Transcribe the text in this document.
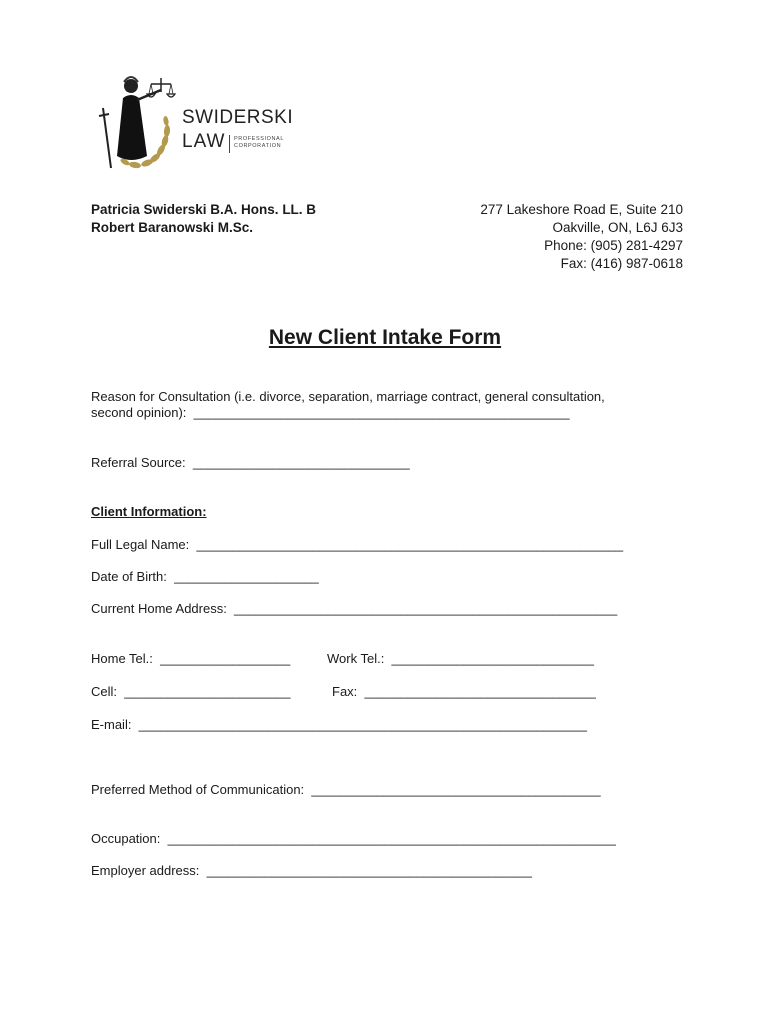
SWIDERSKI
LAW PROFESSIONAL CORPORATION
Patricia Swiderski B.A. Hons. LL. B
Robert Baranowski M.Sc.
277 Lakeshore Road E, Suite 210
Oakville, ON, L6J 6J3
Phone: (905) 281-4297
Fax: (416) 987-0618
New Client Intake Form
Reason for Consultation (i.e. divorce, separation, marriage contract, general consultation,
second opinion):  ____________________________________________________
Referral Source:  ______________________________
Client Information:
Full Legal Name:  ___________________________________________________________
Date of Birth:  ____________________
Current Home Address:  _____________________________________________________
Home Tel.:  __________________	Work Tel.:  ____________________________
Cell:  _______________________	Fax:  ________________________________
E-mail:  ______________________________________________________________
Preferred Method of Communication:  ________________________________________
Occupation:  ______________________________________________________________
Employer address:  _____________________________________________
